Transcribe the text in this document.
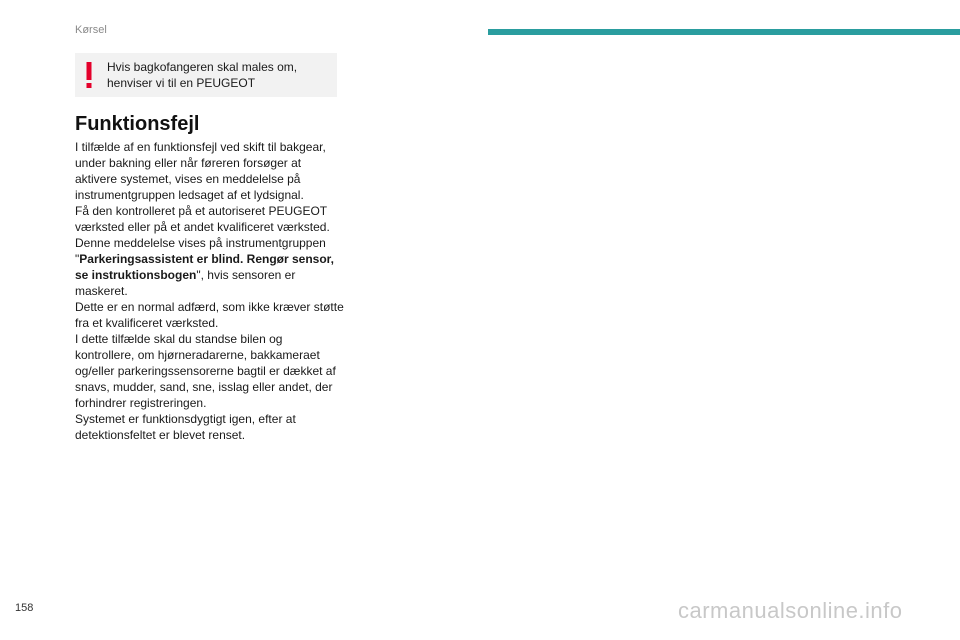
Kørsel
Hvis bagkofangeren skal males om, henviser vi til en PEUGEOT
Funktionsfejl

I tilfælde af en funktionsfejl ved skift til bakgear, under bakning eller når føreren forsøger at aktivere systemet, vises en meddelelse på instrumentgruppen ledsaget af et lydsignal.

Få den kontrolleret på et autoriseret PEUGEOT værksted eller på et andet kvalificeret værksted.

Denne meddelelse vises på instrumentgruppen "Parkeringsassistent er blind. Rengør sensor, se instruktionsbogen", hvis sensoren er maskeret.

Dette er en normal adfærd, som ikke kræver støtte fra et kvalificeret værksted.

I dette tilfælde skal du standse bilen og kontrollere, om hjørneradarerne, bakkameraet og/eller parkeringssensorerne bagtil er dækket af snavs, mudder, sand, sne, isslag eller andet, der forhindrer registreringen.

Systemet er funktionsdygtigt igen, efter at detektionsfeltet er blevet renset.

158	carmanualsonline.info
